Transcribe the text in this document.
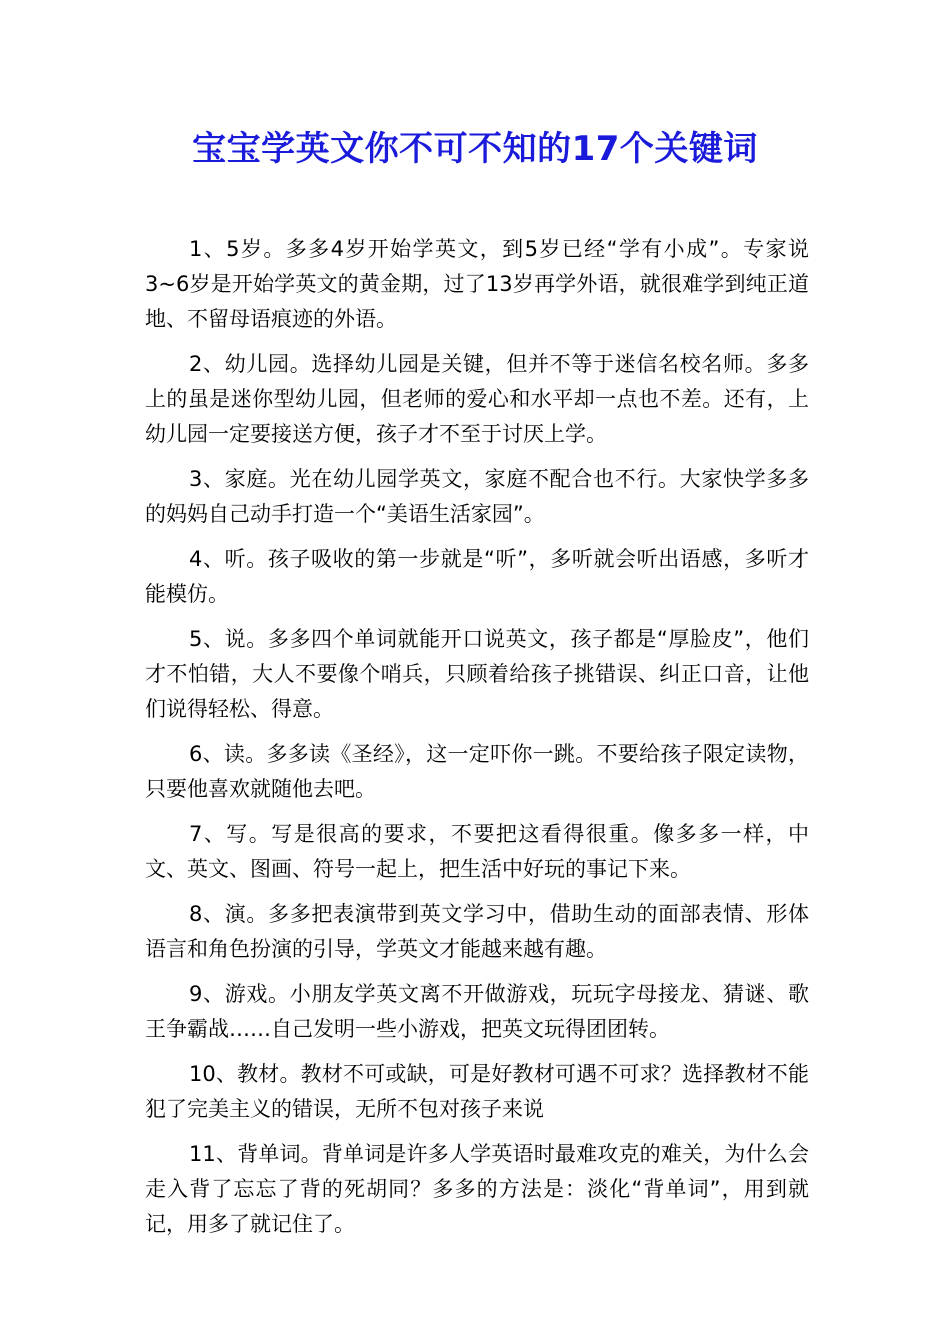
宝宝学英文你不可不知的17个关键词

1、5岁。多多4岁开始学英文，到5岁已经“学有小成”。专家说3~6岁是开始学英文的黄金期，过了13岁再学外语，就很难学到纯正道地、不留母语痕迹的外语。

2、幼儿园。选择幼儿园是关键，但并不等于迷信名校名师。多多上的虽是迷你型幼儿园，但老师的爱心和水平却一点也不差。还有，上幼儿园一定要接送方便，孩子才不至于讨厌上学。

3、家庭。光在幼儿园学英文，家庭不配合也不行。大家快学多多的妈妈自己动手打造一个“美语生活家园”。

4、听。孩子吸收的第一步就是“听”，多听就会听出语感，多听才能模仿。

5、说。多多四个单词就能开口说英文，孩子都是“厚脸皮”，他们才不怕错，大人不要像个哨兵，只顾着给孩子挑错误、纠正口音，让他们说得轻松、得意。

6、读。多多读《圣经》，这一定吓你一跳。不要给孩子限定读物，只要他喜欢就随他去吧。

7、写。写是很高的要求，不要把这看得很重。像多多一样，中文、英文、图画、符号一起上，把生活中好玩的事记下来。

8、演。多多把表演带到英文学习中，借助生动的面部表情、形体语言和角色扮演的引导，学英文才能越来越有趣。

9、游戏。小朋友学英文离不开做游戏，玩玩字母接龙、猜谜、歌王争霸战……自己发明一些小游戏，把英文玩得团团转。

10、教材。教材不可或缺，可是好教材可遇不可求？选择教材不能犯了完美主义的错误，无所不包对孩子来说

11、背单词。背单词是许多人学英语时最难攻克的难关，为什么会走入背了忘忘了背的死胡同？多多的方法是：淡化“背单词”，用到就记，用多了就记住了。
